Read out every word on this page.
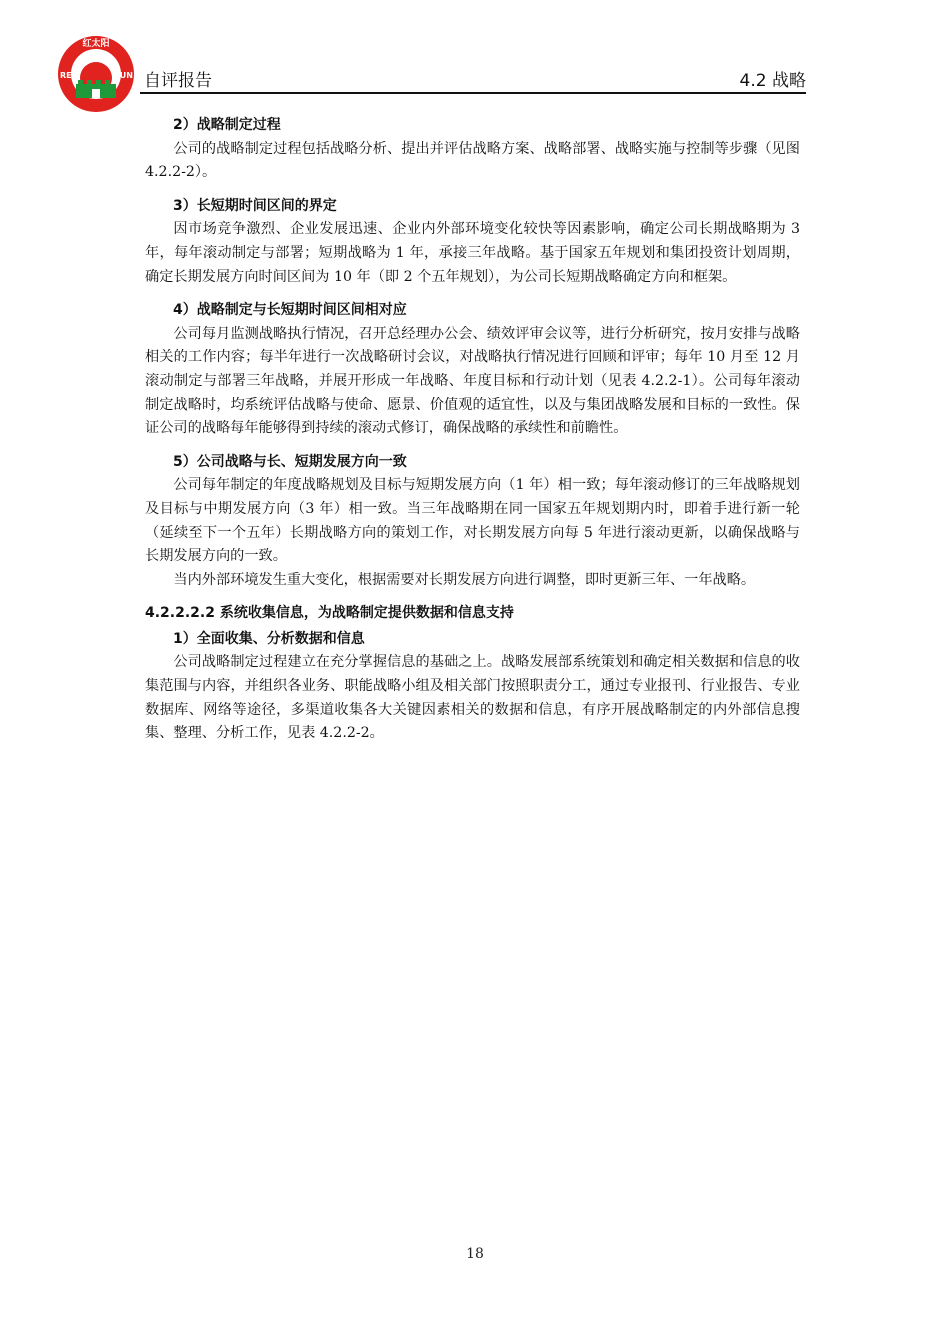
红太阳
RED	SUN 自评报告	4.2 战略
2）战略制定过程

公司的战略制定过程包括战略分析、提出并评估战略方案、战略部署、战略实施与控制等步骤（见图 4.2.2-2）。

3）长短期时间区间的界定

因市场竞争激烈、企业发展迅速、企业内外部环境变化较快等因素影响，确定公司长期战略期为 3 年，每年滚动制定与部署；短期战略为 1 年，承接三年战略。基于国家五年规划和集团投资计划周期，确定长期发展方向时间区间为 10 年（即 2 个五年规划），为公司长短期战略确定方向和框架。

4）战略制定与长短期时间区间相对应

公司每月监测战略执行情况，召开总经理办公会、绩效评审会议等，进行分析研究，按月安排与战略相关的工作内容；每半年进行一次战略研讨会议，对战略执行情况进行回顾和评审；每年 10 月至 12 月滚动制定与部署三年战略，并展开形成一年战略、年度目标和行动计划（见表 4.2.2-1）。公司每年滚动制定战略时，均系统评估战略与使命、愿景、价值观的适宜性，以及与集团战略发展和目标的一致性。保证公司的战略每年能够得到持续的滚动式修订，确保战略的承续性和前瞻性。

5）公司战略与长、短期发展方向一致

公司每年制定的年度战略规划及目标与短期发展方向（1 年）相一致；每年滚动修订的三年战略规划及目标与中期发展方向（3 年）相一致。当三年战略期在同一国家五年规划期内时，即着手进行新一轮（延续至下一个五年）长期战略方向的策划工作，对长期发展方向每 5 年进行滚动更新，以确保战略与长期发展方向的一致。

当内外部环境发生重大变化，根据需要对长期发展方向进行调整，即时更新三年、一年战略。

4.2.2.2.2 系统收集信息，为战略制定提供数据和信息支持
1）全面收集、分析数据和信息

公司战略制定过程建立在充分掌握信息的基础之上。战略发展部系统策划和确定相关数据和信息的收集范围与内容，并组织各业务、职能战略小组及相关部门按照职责分工，通过专业报刊、行业报告、专业数据库、网络等途径，多渠道收集各大关键因素相关的数据和信息，有序开展战略制定的内外部信息搜集、整理、分析工作，见表 4.2.2-2。

18
